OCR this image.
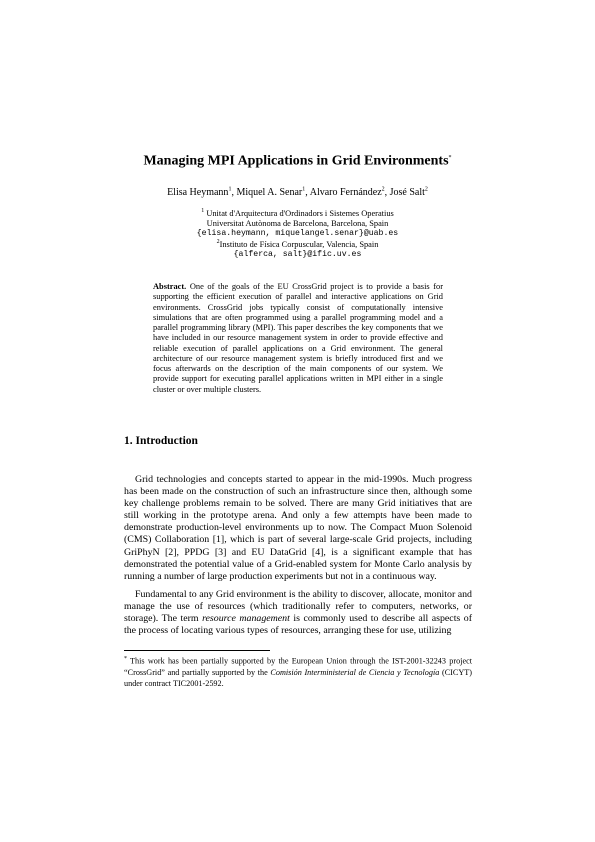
Managing MPI Applications in Grid Environments*
Elisa Heymann$^1$, Miquel A. Senar$^1$, Alvaro Fernández$^2$, José Salt$^2$
$^1$ Unitat d'Arquitectura d'Ordinadors i Sistemes Operatius
Universitat Autònoma de Barcelona, Barcelona, Spain
{elisa.heymann, miquelangel.senar}@uab.es
$^2$Instituto de Física Corpuscular, Valencia, Spain
{alferca, salt}@ific.uv.es
Abstract. One of the goals of the EU CrossGrid project is to provide a basis for supporting the efficient execution of parallel and interactive applications on Grid environments. CrossGrid jobs typically consist of computationally intensive simulations that are often programmed using a parallel programming model and a parallel programming library (MPI). This paper describes the key components that we have included in our resource management system in order to provide effective and reliable execution of parallel applications on a Grid environment. The general architecture of our resource management system is briefly introduced first and we focus afterwards on the description of the main components of our system. We provide support for executing parallel applications written in MPI either in a single cluster or over multiple clusters.
1. Introduction

Grid technologies and concepts started to appear in the mid-1990s. Much progress has been made on the construction of such an infrastructure since then, although some key challenge problems remain to be solved. There are many Grid initiatives that are still working in the prototype arena. And only a few attempts have been made to demonstrate production-level environments up to now. The Compact Muon Solenoid (CMS) Collaboration [1], which is part of several large-scale Grid projects, including GriPhyN [2], PPDG [3] and EU DataGrid [4], is a significant example that has demonstrated the potential value of a Grid-enabled system for Monte Carlo analysis by running a number of large production experiments but not in a continuous way.

Fundamental to any Grid environment is the ability to discover, allocate, monitor and manage the use of resources (which traditionally refer to computers, networks, or storage). The term resource management is commonly used to describe all aspects of the process of locating various types of resources, arranging these for use, utilizing

* This work has been partially supported by the European Union through the IST-2001-32243 project “CrossGrid” and partially supported by the Comisión Interministerial de Ciencia y Tecnología (CICYT) under contract TIC2001-2592.
